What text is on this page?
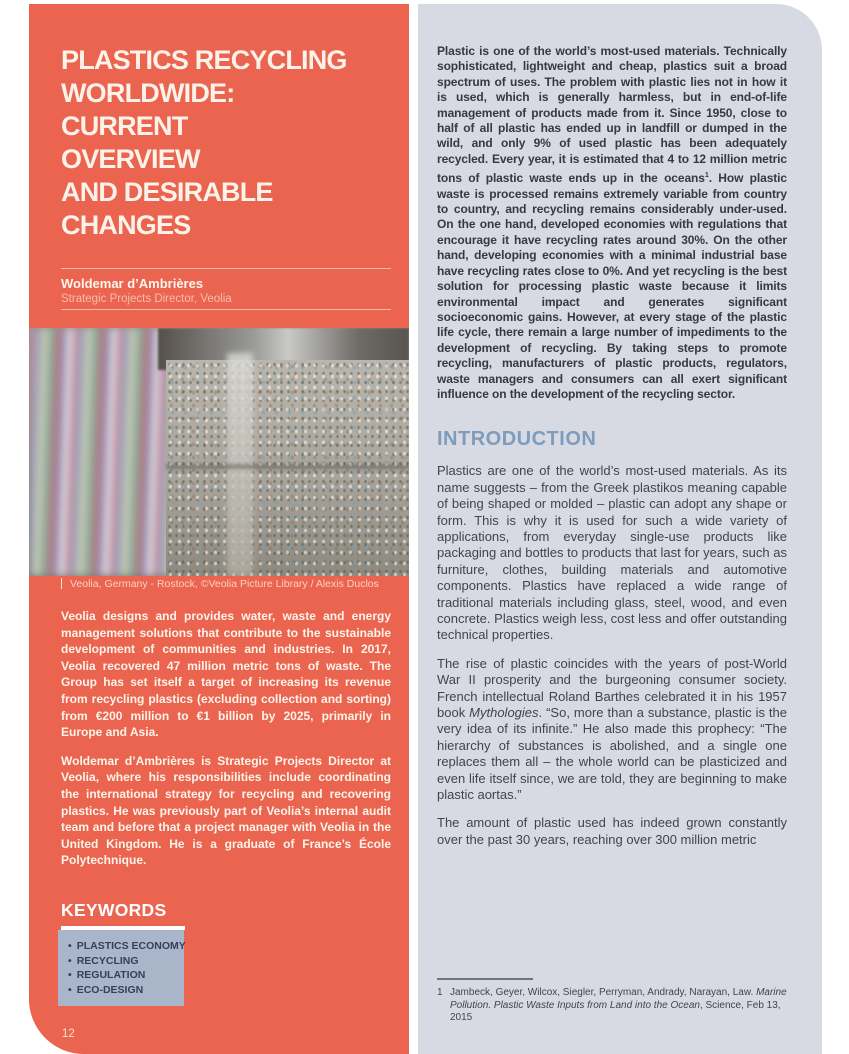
PLASTICS RECYCLING
WORLDWIDE:
CURRENT
OVERVIEW
AND DESIRABLE
CHANGES
Woldemar d’Ambrières
Strategic Projects Director, Veolia
Veolia, Germany - Rostock, ©Veolia Picture Library / Alexis Duclos

Veolia designs and provides water, waste and energy management solutions that contribute to the sustainable development of communities and industries. In 2017, Veolia recovered 47 million metric tons of waste. The Group has set itself a target of increasing its revenue from recycling plastics (excluding collection and sorting) from €200 million to €1 billion by 2025, primarily in Europe and Asia.

Woldemar d’Ambrières is Strategic Projects Director at Veolia, where his responsibilities include coordinating the international strategy for recycling and recovering plastics. He was previously part of Veolia’s internal audit team and before that a project manager with Veolia in the United Kingdom. He is a graduate of France’s École Polytechnique.

KEYWORDS
• PLASTICS ECONOMY
• RECYCLING
• REGULATION
• ECO-DESIGN
12

Plastic is one of the world’s most-used materials. Technically sophisticated, lightweight and cheap, plastics suit a broad spectrum of uses. The problem with plastic lies not in how it is used, which is generally harmless, but in end-of-life management of products made from it. Since 1950, close to half of all plastic has ended up in landfill or dumped in the wild, and only 9% of used plastic has been adequately recycled. Every year, it is estimated that 4 to 12 million metric tons of plastic waste ends up in the oceans$^1$. How plastic waste is processed remains extremely variable from country to country, and recycling remains considerably under-used. On the one hand, developed economies with regulations that encourage it have recycling rates around 30%. On the other hand, developing economies with a minimal industrial base have recycling rates close to 0%. And yet recycling is the best solution for processing plastic waste because it limits environmental impact and generates significant socioeconomic gains. However, at every stage of the plastic life cycle, there remain a large number of impediments to the development of recycling. By taking steps to promote recycling, manufacturers of plastic products, regulators, waste managers and consumers can all exert significant influence on the development of the recycling sector.

INTRODUCTION

Plastics are one of the world’s most-used materials. As its name suggests – from the Greek plastikos meaning capable of being shaped or molded – plastic can adopt any shape or form. This is why it is used for such a wide variety of applications, from everyday single-use products like packaging and bottles to products that last for years, such as furniture, clothes, building materials and automotive components. Plastics have replaced a wide range of traditional materials including glass, steel, wood, and even concrete. Plastics weigh less, cost less and offer outstanding technical properties.

The rise of plastic coincides with the years of post-World War II prosperity and the burgeoning consumer society. French intellectual Roland Barthes celebrated it in his 1957 book Mythologies. “So, more than a substance, plastic is the very idea of its infinite.” He also made this prophecy: “The hierarchy of substances is abolished, and a single one replaces them all – the whole world can be plasticized and even life itself since, we are told, they are beginning to make plastic aortas.”

The amount of plastic used has indeed grown constantly over the past 30 years, reaching over 300 million metric

1 Jambeck, Geyer, Wilcox, Siegler, Perryman, Andrady, Narayan, Law. Marine Pollution. Plastic Waste Inputs from Land into the Ocean, Science, Feb 13, 2015
